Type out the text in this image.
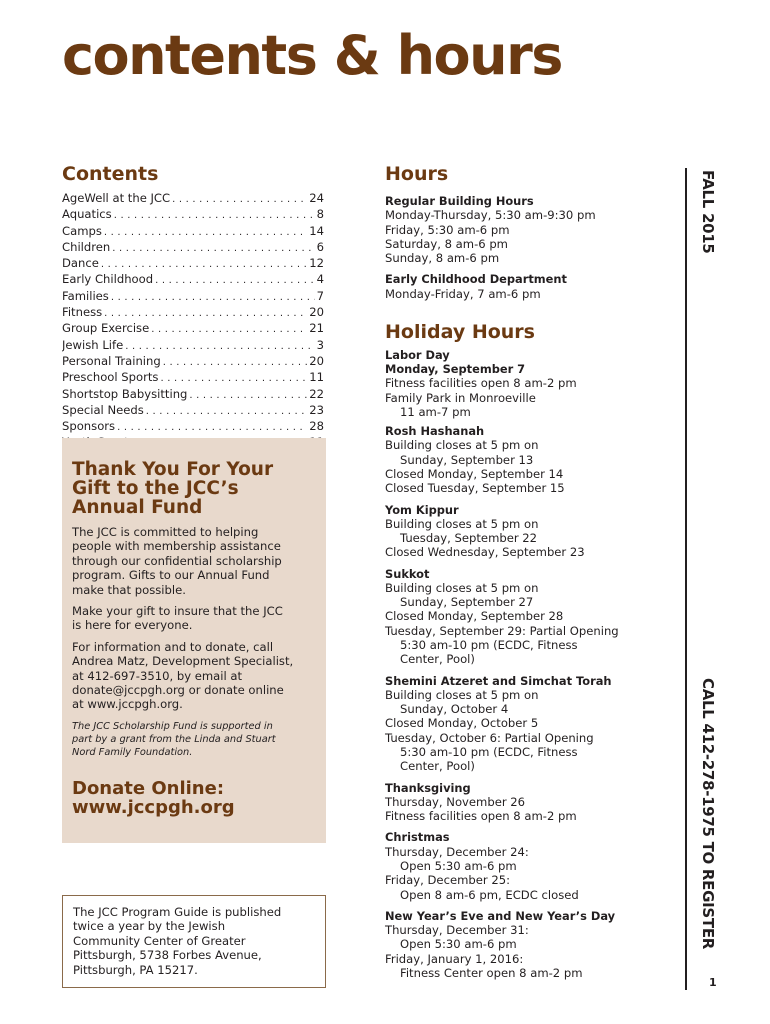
contents & hours
Contents
AgeWell at the JCC . . .	24
Aquatics . . .	8
Camps . . .	14
Children . . .	6
Dance . . .	12
Early Childhood . . .	4
Families . . .	7
Fitness . . .	20
Group Exercise . . .	21
Jewish Life . . .	3
Personal Training . . .	20
Preschool Sports . . .	11
Shortstop Babysitting . . .	22
Special Needs . . .	23
Sponsors . . .	28
. . .
Thank You For Your
Gift to the JCC’s
Annual Fund

The JCC is committed to helping
people with membership assistance
through our confidential scholarship
program. Gifts to our Annual Fund
make that possible.

Make your gift to insure that the JCC
is here for everyone.

For information and to donate, call
Andrea Matz, Development Specialist,
at 412-697-3510, by email at
donate@jccpgh.org or donate online
at www.jccpgh.org.

The JCC Scholarship Fund is supported in
part by a grant from the Linda and Stuart
Nord Family Foundation.

Donate Online:
www.jccpgh.org

The JCC Program Guide is published
twice a year by the Jewish
Community Center of Greater
Pittsburgh, 5738 Forbes Avenue,
Pittsburgh, PA 15217.
Hours
Regular Building Hours
Monday-Thursday, 5:30 am-9:30 pm
Friday, 5:30 am-6 pm
Saturday, 8 am-6 pm
Sunday, 8 am-6 pm
Early Childhood Department
Monday-Friday, 7 am-6 pm
Holiday Hours
Labor Day
Monday, September 7
Fitness facilities open 8 am-2 pm
Family Park in Monroeville
11 am-7 pm
Rosh Hashanah
Building closes at 5 pm on
Sunday, September 13
Closed Monday, September 14
Closed Tuesday, September 15
Yom Kippur
Building closes at 5 pm on
Tuesday, September 22
Closed Wednesday, September 23
Sukkot
Building closes at 5 pm on
Sunday, September 27
Closed Monday, September 28
Tuesday, September 29: Partial Opening
5:30 am-10 pm (ECDC, Fitness
Center, Pool)
Shemini Atzeret and Simchat Torah
Building closes at 5 pm on
Sunday, October 4
Closed Monday, October 5
Tuesday, October 6: Partial Opening
5:30 am-10 pm (ECDC, Fitness
Center, Pool)
Thanksgiving
Thursday, November 26
Fitness facilities open 8 am-2 pm
Christmas
Thursday, December 24:
Open 5:30 am-6 pm
Friday, December 25:
Open 8 am-6 pm, ECDC closed
New Year’s Eve and New Year’s Day
Thursday, December 31:
Open 5:30 am-6 pm
Friday, January 1, 2016:
Fitness Center open 8 am-2 pm
FALL 2015
CALL 412-278-1975 TO REGISTER
1
